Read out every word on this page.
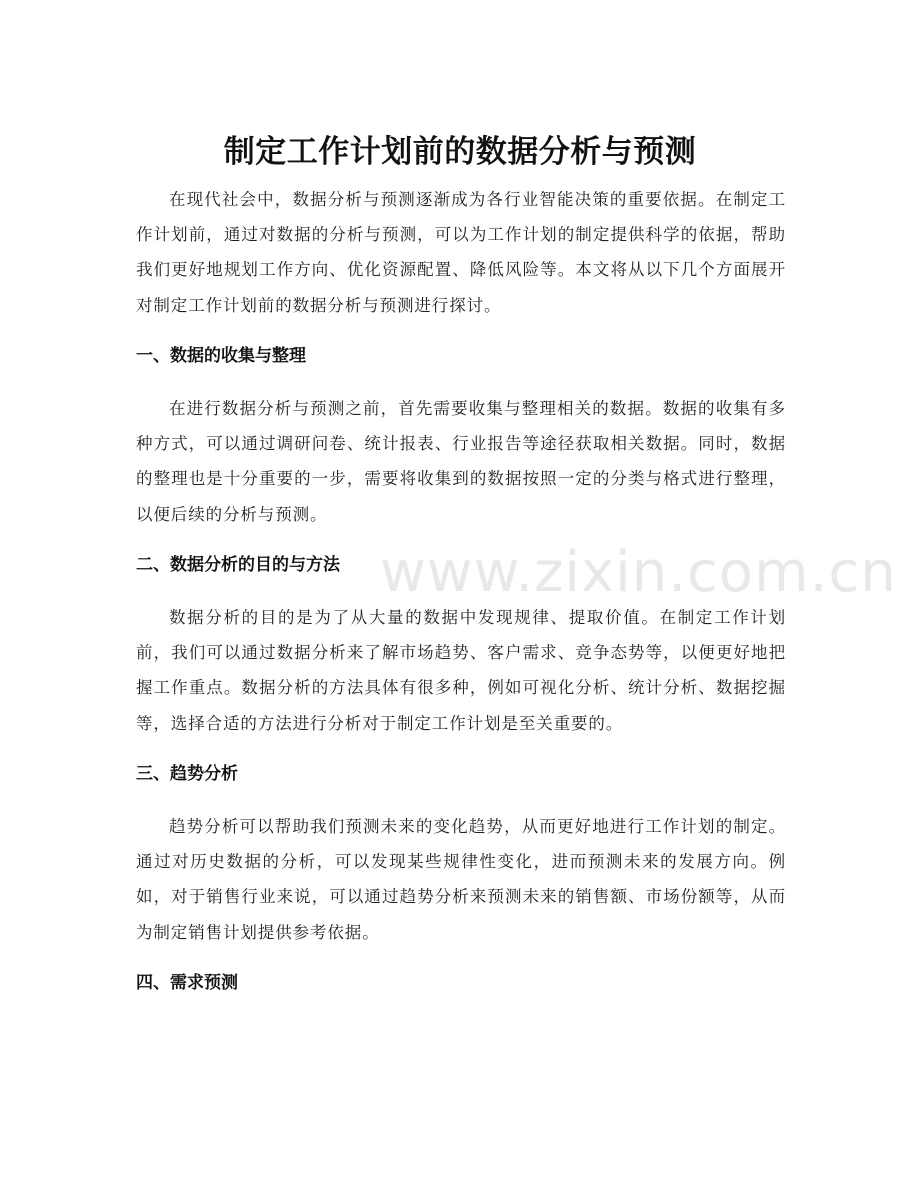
制定工作计划前的数据分析与预测

在现代社会中，数据分析与预测逐渐成为各行业智能决策的重要依据。在制定工作计划前，通过对数据的分析与预测，可以为工作计划的制定提供科学的依据，帮助我们更好地规划工作方向、优化资源配置、降低风险等。本文将从以下几个方面展开对制定工作计划前的数据分析与预测进行探讨。

一、数据的收集与整理

在进行数据分析与预测之前，首先需要收集与整理相关的数据。数据的收集有多种方式，可以通过调研问卷、统计报表、行业报告等途径获取相关数据。同时，数据的整理也是十分重要的一步，需要将收集到的数据按照一定的分类与格式进行整理，以便后续的分析与预测。

二、数据分析的目的与方法

数据分析的目的是为了从大量的数据中发现规律、提取价值。在制定工作计划前，我们可以通过数据分析来了解市场趋势、客户需求、竞争态势等，以便更好地把握工作重点。数据分析的方法具体有很多种，例如可视化分析、统计分析、数据挖掘等，选择合适的方法进行分析对于制定工作计划是至关重要的。

三、趋势分析

趋势分析可以帮助我们预测未来的变化趋势，从而更好地进行工作计划的制定。通过对历史数据的分析，可以发现某些规律性变化，进而预测未来的发展方向。例如，对于销售行业来说，可以通过趋势分析来预测未来的销售额、市场份额等，从而为制定销售计划提供参考依据。

四、需求预测
www.zixin.com.cn
